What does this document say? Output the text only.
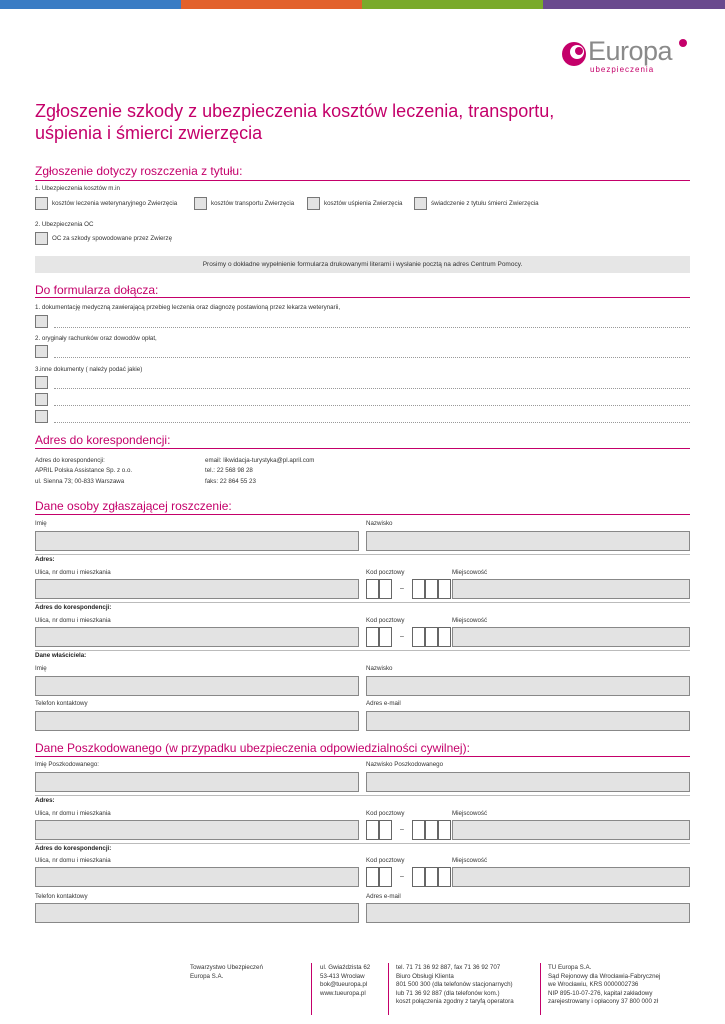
Europa
ubezpieczenia
Zgłoszenie szkody z ubezpieczenia kosztów leczenia, transportu, uśpienia i śmierci zwierzęcia
Zgłoszenie dotyczy roszczenia z tytułu:
1. Ubezpieczenia kosztów m.in
kosztów leczenia weterynaryjnego Zwierzęcia	kosztów transportu Zwierzęcia	kosztów uśpienia Zwierzęcia	świadczenie z tytułu śmierci Zwierzęcia
2. Ubezpieczenia OC
OC za szkody spowodowane przez Zwierzę
Prosimy o dokładne wypełnienie formularza drukowanymi literami i wysłanie pocztą na adres Centrum Pomocy.
Do formularza dołącza:
1. dokumentację medyczną zawierającą przebieg leczenia oraz diagnozę postawioną przez lekarza weterynarii,
2. oryginały rachunków oraz dowodów opłat,
3.inne dokumenty ( należy podać jakie)
Adres do korespondencji:
Adres do korespondencji:
APRIL Polska Assistance Sp. z o.o.
ul. Sienna 73; 00-833 Warszawa
email: likwidacja-turystyka@pl.april.com
tel.: 22 568 98 28
faks: 22 864 55 23
Dane osoby zgłaszającej roszczenie:
Imię	Nazwisko
Adres:
Ulica, nr domu i mieszkania	Kod pocztowy	Miejscowość
–
Adres do korespondencji:
Ulica, nr domu i mieszkania	Kod pocztowy	Miejscowość
–
Dane właściciela:
Imię	Nazwisko
Telefon kontaktowy	Adres e-mail
Dane Poszkodowanego (w przypadku ubezpieczenia odpowiedzialności cywilnej):
Imię Poszkodowanego:	Nazwisko Poszkodowanego
Adres:
Ulica, nr domu i mieszkania	Kod pocztowy	Miejscowość
–
Adres do korespondencji:
Ulica, nr domu i mieszkania	Kod pocztowy	Miejscowość
–
Telefon kontaktowy	Adres e-mail
Towarzystwo Ubezpieczeń
Europa S.A.
ul. Gwiaździsta 62
53-413 Wrocław
bok@tueuropa.pl
www.tueuropa.pl
tel. 71 71 36 92 887, fax 71 36 92 707
Biuro Obsługi Klienta
801 500 300 (dla telefonów stacjonarnych)
lub 71 36 92 887 (dla telefonów kom.)
koszt połączenia zgodny z taryfą operatora
TU Europa S.A.
Sąd Rejonowy dla Wrocławia-Fabrycznej
we Wrocławiu, KRS 0000002736
NIP 895-10-07-276, kapitał zakładowy
zarejestrowany i opłacony 37 800 000 zł
